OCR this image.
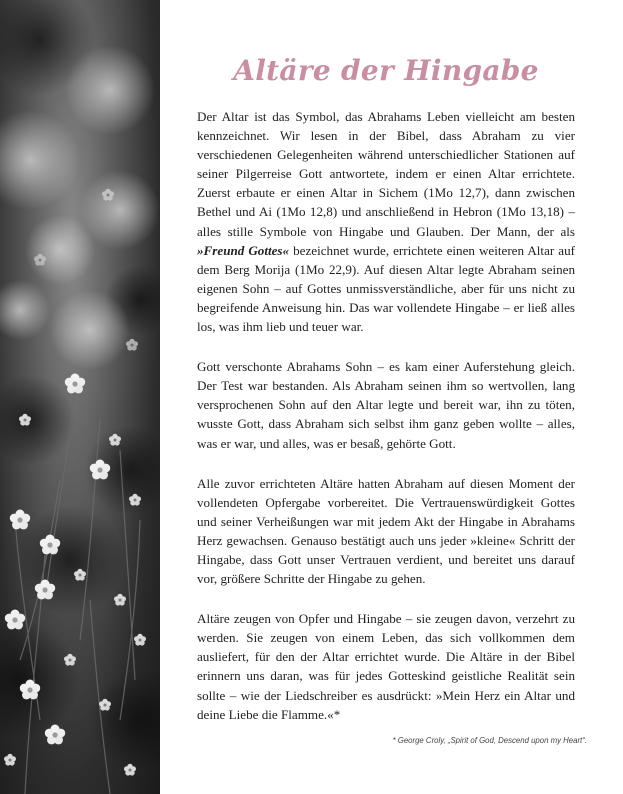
Altäre der Hingabe

Der Altar ist das Symbol, das Abrahams Leben vielleicht am besten kennzeichnet. Wir lesen in der Bibel, dass Abraham zu vier verschiedenen Gelegenheiten während unterschiedlicher Stationen auf seiner Pilgerreise Gott antwortete, indem er einen Altar errichtete. Zuerst erbaute er einen Altar in Sichem (1Mo 12,7), dann zwischen Bethel und Ai (1Mo 12,8) und anschließend in Hebron (1Mo 13,18) – alles stille Symbole von Hingabe und Glauben. Der Mann, der als »Freund Gottes« bezeichnet wurde, errichtete einen weiteren Altar auf dem Berg Morija (1Mo 22,9). Auf diesen Altar legte Abraham seinen eigenen Sohn – auf Gottes unmissverständliche, aber für uns nicht zu begreifende Anweisung hin. Das war vollendete Hingabe – er ließ alles los, was ihm lieb und teuer war.

Gott verschonte Abrahams Sohn – es kam einer Auferstehung gleich. Der Test war bestanden. Als Abraham seinen ihm so wertvollen, lang versprochenen Sohn auf den Altar legte und bereit war, ihn zu töten, wusste Gott, dass Abraham sich selbst ihm ganz geben wollte – alles, was er war, und alles, was er besaß, gehörte Gott.

Alle zuvor errichteten Altäre hatten Abraham auf diesen Moment der vollendeten Opfergabe vorbereitet. Die Vertrauenswürdigkeit Gottes und seiner Verheißungen war mit jedem Akt der Hingabe in Abrahams Herz gewachsen. Genauso bestätigt auch uns jeder »kleine« Schritt der Hingabe, dass Gott unser Vertrauen verdient, und bereitet uns darauf vor, größere Schritte der Hingabe zu gehen.

Altäre zeugen von Opfer und Hingabe – sie zeugen davon, verzehrt zu werden. Sie zeugen von einem Leben, das sich vollkommen dem ausliefert, für den der Altar errichtet wurde. Die Altäre in der Bibel erinnern uns daran, was für jedes Gotteskind geistliche Realität sein sollte – wie der Liedschreiber es ausdrückt: »Mein Herz ein Altar und deine Liebe die Flamme.«*

* George Croly, „Spirit of God, Descend upon my Heart“.
